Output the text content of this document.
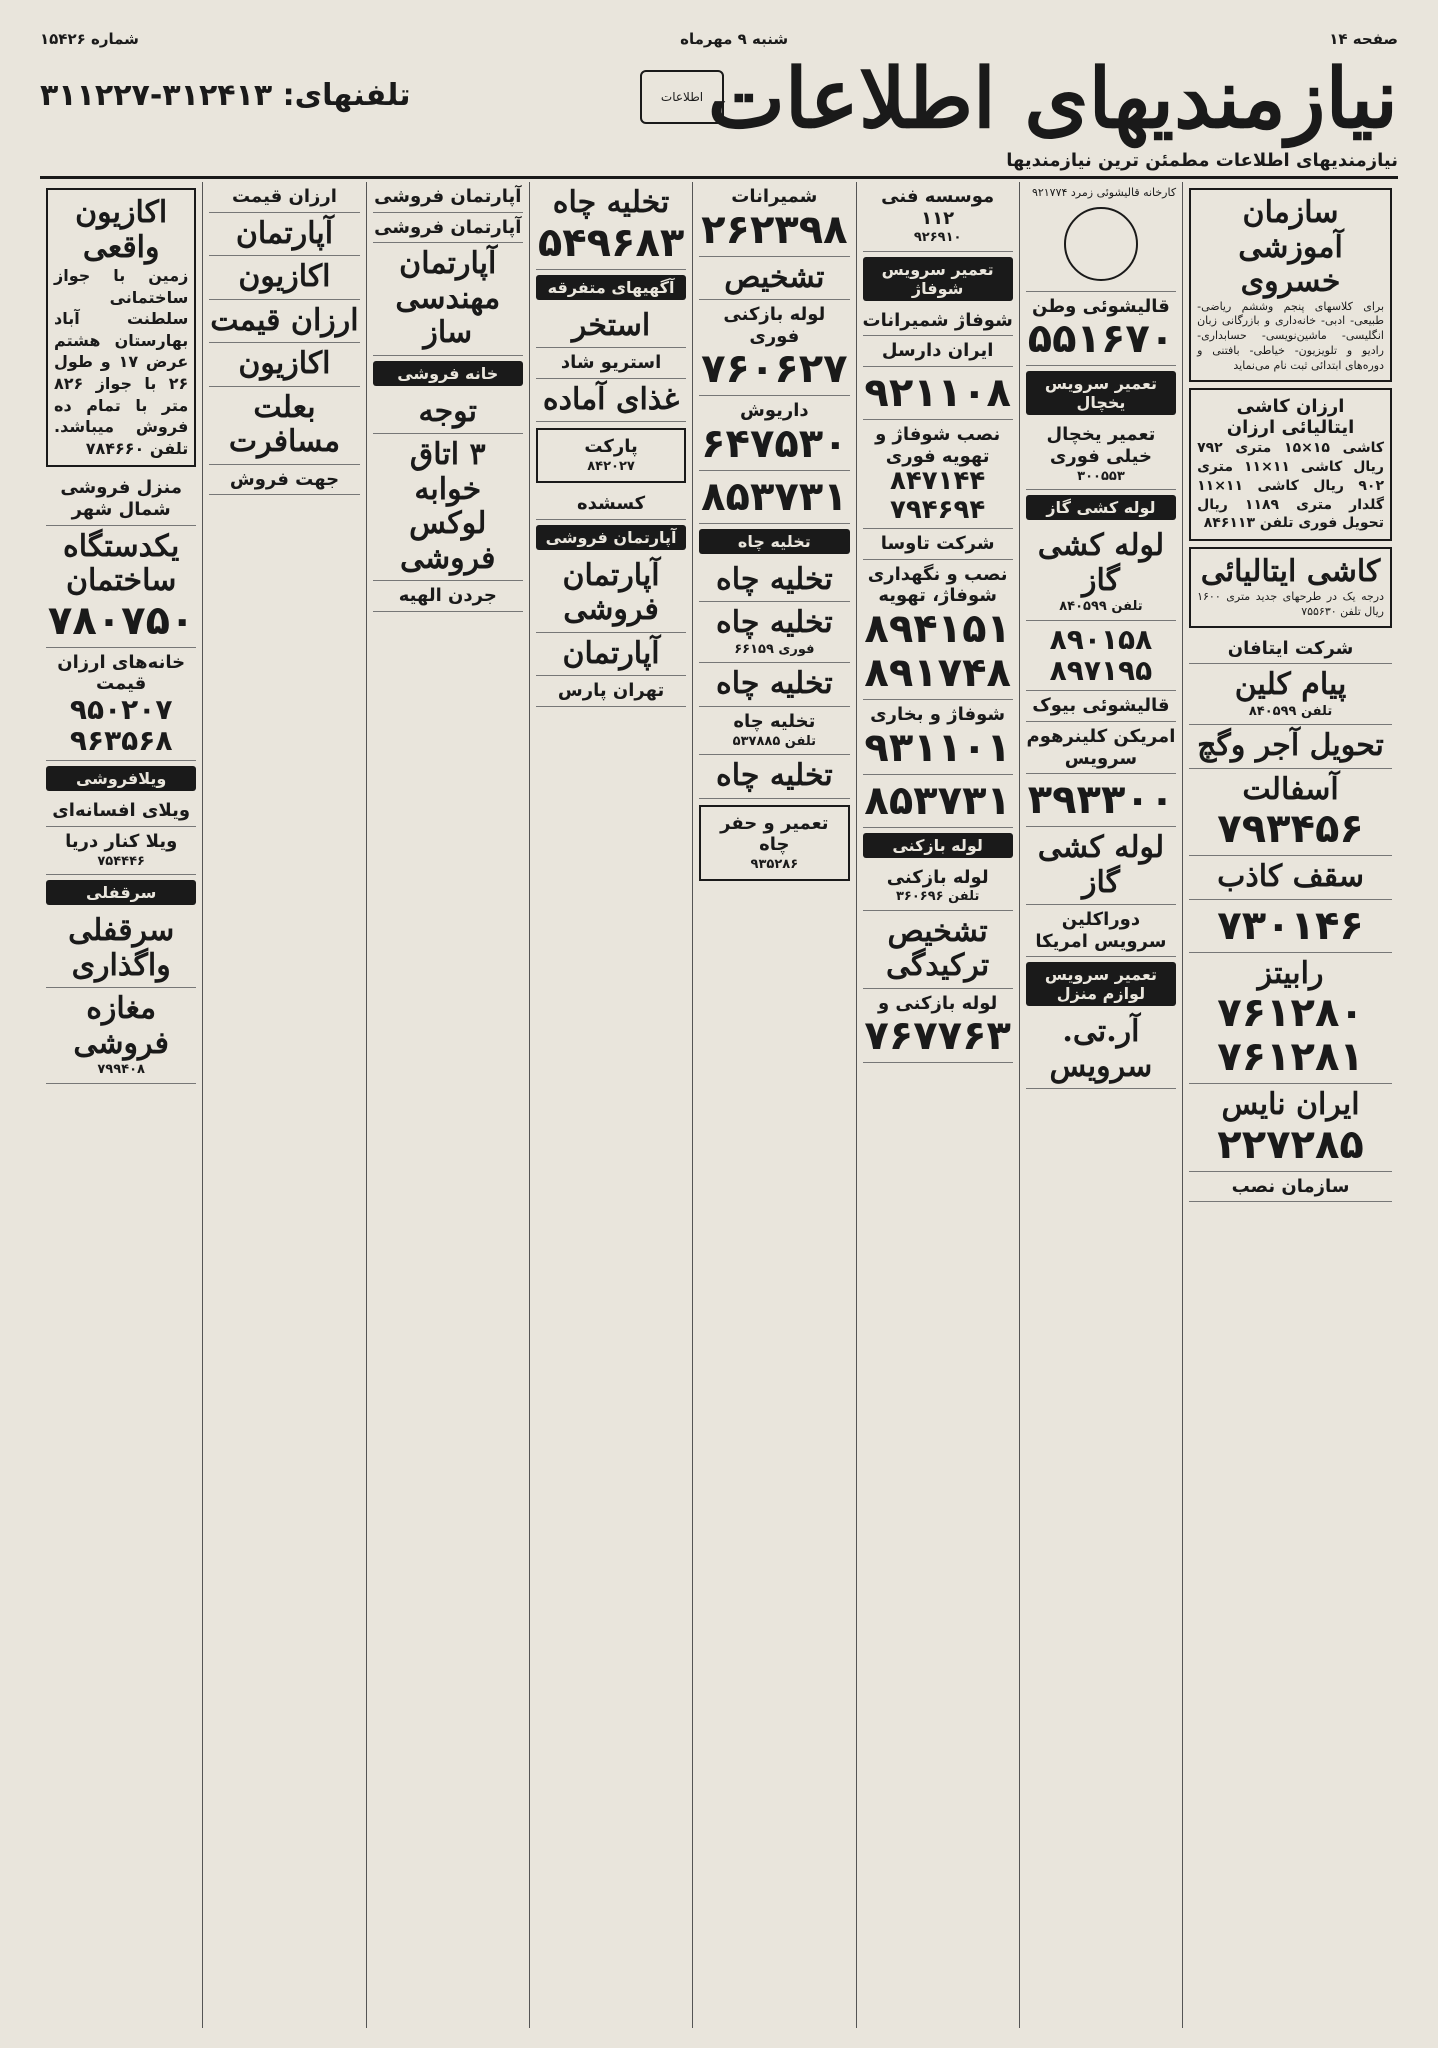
صفحه ۱۴
شنبه ۹ مهرماه
شماره ۱۵۴۲۶
نیازمندیهای اطلاعات
نیازمندیهای اطلاعات مطمئن ترین نیازمندیها
اطلاعات
تلفنهای: ۳۱۲۴۱۳-۳۱۱۲۲۷
سازمان آموزشی خسروی
برای کلاسهای پنجم وششم ریاضی- طبیعی- ادبی- خانه‌داری و بازرگانی زبان انگلیسی- ماشین‌نویسی- حسابداری- رادیو و تلویزیون- خیاطی- بافتنی و دوره‌های ابتدائی ثبت نام می‌نماید
ارزان کاشی ایتالیائی ارزان
کاشی ۱۵×۱۵ متری ۷۹۲ ریال کاشی ۱۱×۱۱ متری ۹۰۲ ریال کاشی ۱۱×۱۱ گلدار متری ۱۱۸۹ ریال تحویل فوری تلفن ۸۴۶۱۱۳
کاشی ایتالیائی
درجه یک در طرحهای جدید متری ۱۶۰۰ ریال تلفن ۷۵۵۶۳۰
شرکت ایتافان
پیام کلین
تلفن ۸۴۰۵۹۹
تحویل آجر وگچ
آسفالت
۷۹۳۴۵۶
سقف کاذب
۷۳۰۱۴۶
رابیتز
۷۶۱۲۸۰ ۷۶۱۲۸۱
ایران نایس
۲۲۷۲۸۵
سازمان نصب
کارخانه قالیشوئی زمرد ۹۲۱۷۷۴
قالیشوئی وطن
۵۵۱۶۷۰
تعمیر سرویس یخچال
تعمیر یخچال خیلی فوری
۳۰۰۵۵۳
لوله کشی گاز
لوله کشی گاز
تلفن ۸۴۰۵۹۹
۸۹۰۱۵۸ ۸۹۷۱۹۵
قالیشوئی بیوک
امریکن کلینرهوم سرویس
۳۹۳۳۰۰
لوله کشی گاز
دوراکلین سرویس امریکا
تعمیر سرویس لوازم منزل
آر.تی. سرویس
موسسه فنی ۱۱۲
۹۲۶۹۱۰
تعمیر سرویس شوفاژ
شوفاژ شمیرانات
ایران دارسل
۹۲۱۱۰۸
نصب شوفاژ و تهویه فوری
۸۴۷۱۴۴ ۷۹۴۶۹۴
شرکت تاوسا
نصب و نگهداری شوفاژ، تهویه
۸۹۴۱۵۱ ۸۹۱۷۴۸
شوفاژ و بخاری
۹۳۱۱۰۱
۸۵۳۷۳۱
لوله بازکنی
لوله بازکنی
تلفن ۳۶۰۶۹۶
تشخیص ترکیدگی
لوله بازکنی و
۷۶۷۷۶۳
شمیرانات
۲۶۲۳۹۸
تشخیص
لوله بازکنی فوری
۷۶۰۶۲۷
داریوش
۶۴۷۵۳۰
۸۵۳۷۳۱
تخلیه چاه
تخلیه چاه
تخلیه چاه
فوری ۶۶۱۵۹
تخلیه چاه
تخلیه چاه
تلفن ۵۳۷۸۸۵
تخلیه چاه
تعمیر و حفر چاه
۹۳۵۲۸۶
تخلیه چاه
۵۴۹۶۸۳
آگهیهای متفرقه
استخر
استریو شاد
غذای آماده
پارکت
۸۴۲۰۲۷
کسشده
آپارتمان فروشی
آپارتمان فروشی
آپارتمان
تهران پارس
آپارتمان فروشی
آپارتمان فروشی
آپارتمان مهندسی ساز
خانه فروشی
توجه
۳ اتاق خوابه لوکس فروشی
جردن الهیه
ارزان قیمت
آپارتمان
اکازیون
ارزان قیمت
اکازیون
بعلت مسافرت
جهت فروش
اکازیون واقعی
زمین با جواز ساختمانی سلطنت آباد بهارستان هشتم عرض ۱۷ و طول ۲۶ با جواز ۸۲۶ متر با تمام ده فروش میباشد. تلفن ۷۸۴۶۶۰
منزل فروشی شمال شهر
یکدستگاه ساختمان
۷۸۰۷۵۰
خانه‌های ارزان قیمت
۹۵۰۲۰۷ ۹۶۳۵۶۸
ویلافروشی
ویلای افسانه‌ای
ویلا کنار دریا
۷۵۴۴۴۶
سرقفلی
سرقفلی واگذاری
مغازه فروشی
۷۹۹۴۰۸
